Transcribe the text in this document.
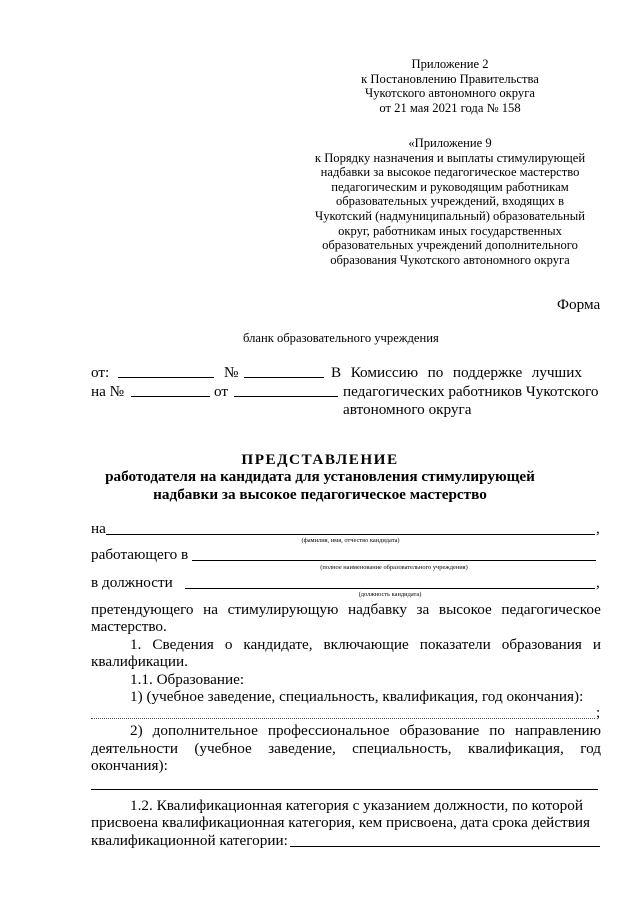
Приложение 2
к Постановлению Правительства
Чукотского автономного округа
от 21 мая 2021 года № 158
«Приложение 9
к Порядку назначения и выплаты стимулирующей
надбавки за высокое педагогическое мастерство
педагогическим и руководящим работникам
образовательных учреждений, входящих в
Чукотский (надмуниципальный) образовательный
округ, работникам иных государственных
образовательных учреждений дополнительного
образования Чукотского автономного округа
Форма
бланк образовательного учреждения
от:	№
на №	от
В Комиссию по поддержке лучших
педагогических работников Чукотского
автономного округа
ПРЕДСТАВЛЕНИЕ
работодателя на кандидата для установления стимулирующей
надбавки за высокое педагогическое мастерство
на	,
(фамилия, имя, отчество кандидата)
работающего в
(полное наименование образовательного учреждения)
в должности	,
(должность кандидата)
претендующего на стимулирующую надбавку за высокое педагогическое
мастерство.
1. Сведения о кандидате, включающие показатели образования и
квалификации.
1.1. Образование:
1) (учебное заведение, специальность, квалификация, год окончания):
;
2) дополнительное профессиональное образование по направлению
деятельности (учебное заведение, специальность, квалификация, год
окончания):
1.2. Квалификационная категория с указанием должности, по которой
присвоена квалификационная категория, кем присвоена, дата срока действия
квалификационной категории:
